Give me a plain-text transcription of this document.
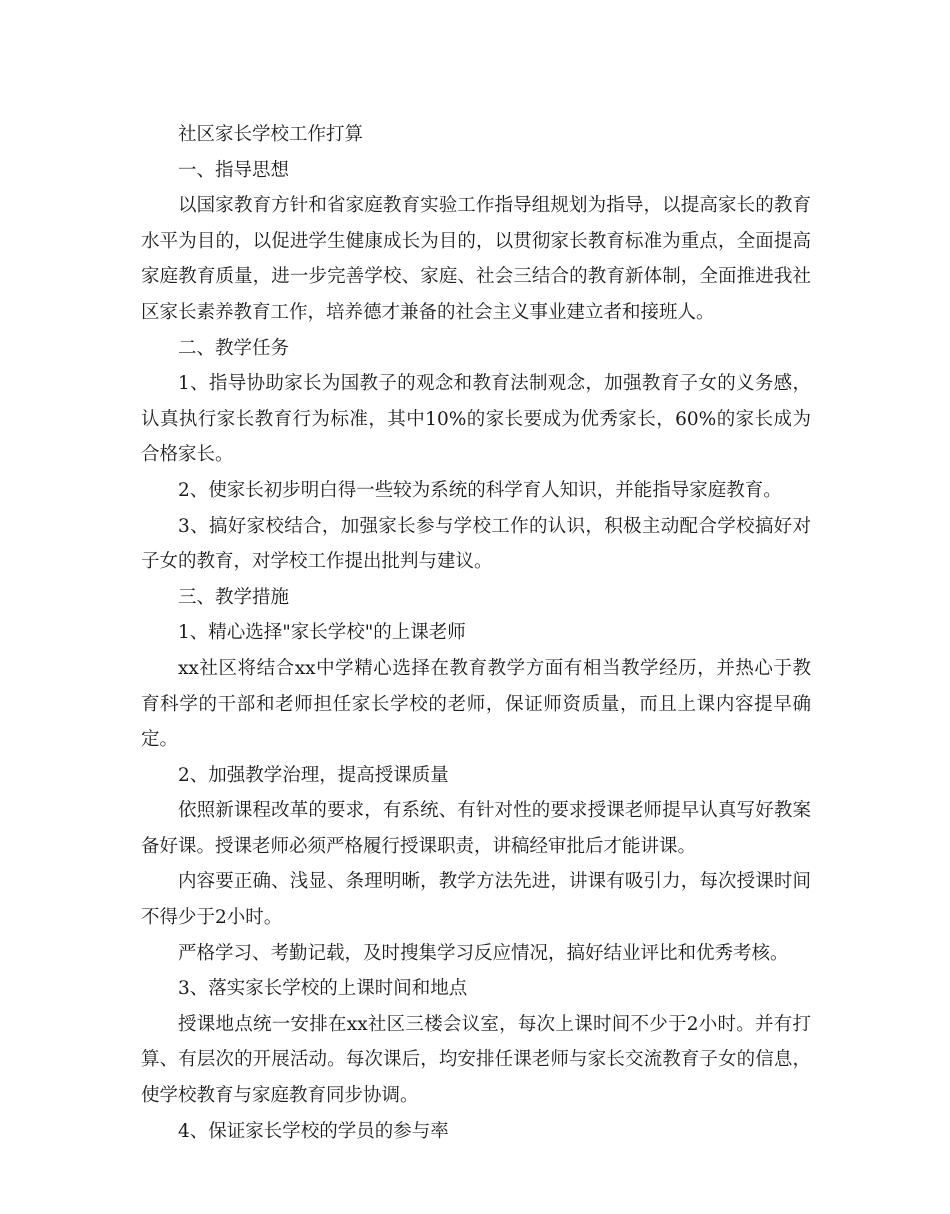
社区家长学校工作打算

一、指导思想

以国家教育方针和省家庭教育实验工作指导组规划为指导，以提高家长的教育水平为目的，以促进学生健康成长为目的，以贯彻家长教育标准为重点，全面提高家庭教育质量，进一步完善学校、家庭、社会三结合的教育新体制，全面推进我社区家长素养教育工作，培养德才兼备的社会主义事业建立者和接班人。

二、教学任务

1、指导协助家长为国教子的观念和教育法制观念，加强教育子女的义务感，认真执行家长教育行为标准，其中10%的家长要成为优秀家长，60%的家长成为合格家长。

2、使家长初步明白得一些较为系统的科学育人知识，并能指导家庭教育。

3、搞好家校结合，加强家长参与学校工作的认识，积极主动配合学校搞好对子女的教育，对学校工作提出批判与建议。

三、教学措施

1、精心选择"家长学校"的上课老师

xx社区将结合xx中学精心选择在教育教学方面有相当教学经历，并热心于教育科学的干部和老师担任家长学校的老师，保证师资质量，而且上课内容提早确定。

2、加强教学治理，提高授课质量

依照新课程改革的要求，有系统、有针对性的要求授课老师提早认真写好教案备好课。授课老师必须严格履行授课职责，讲稿经审批后才能讲课。

内容要正确、浅显、条理明晰，教学方法先进，讲课有吸引力，每次授课时间不得少于2小时。

严格学习、考勤记载，及时搜集学习反应情况，搞好结业评比和优秀考核。

3、落实家长学校的上课时间和地点

授课地点统一安排在xx社区三楼会议室，每次上课时间不少于2小时。并有打算、有层次的开展活动。每次课后，均安排任课老师与家长交流教育子女的信息，使学校教育与家庭教育同步协调。

4、保证家长学校的学员的参与率
